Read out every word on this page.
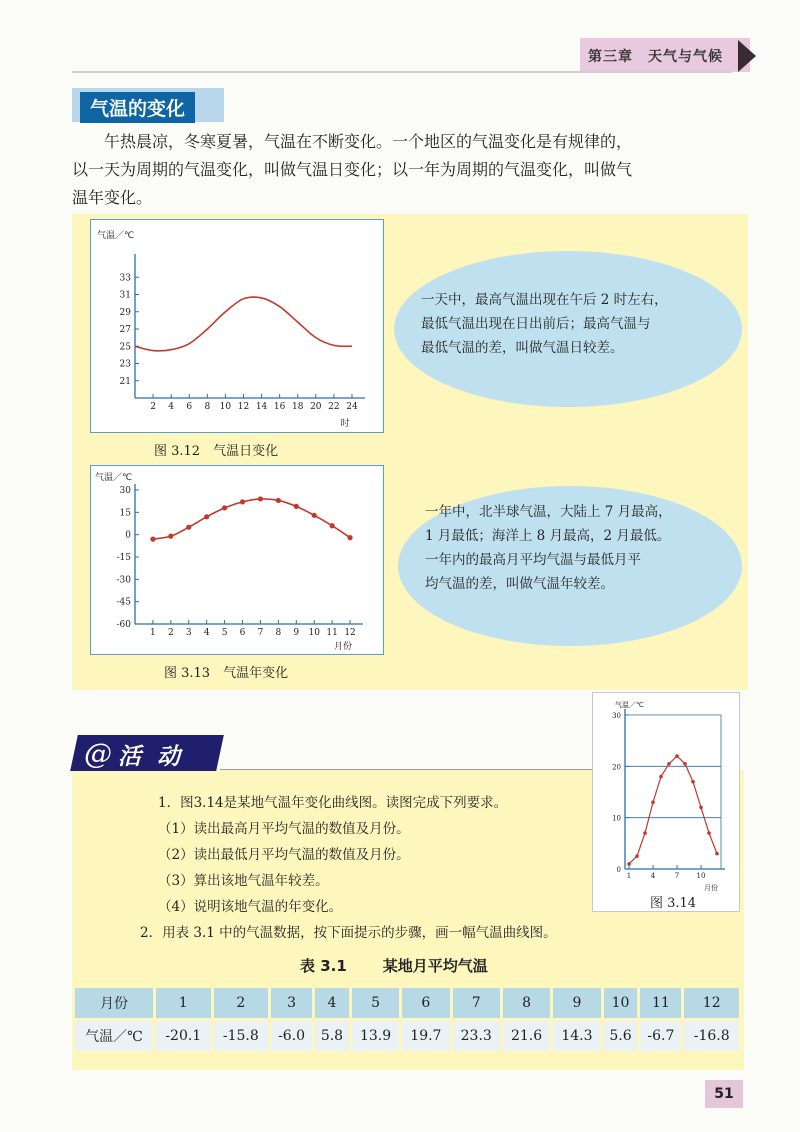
第三章　天气与气候
气温的变化
午热晨凉，冬寒夏暑，气温在不断变化。一个地区的气温变化是有规律的，
以一天为周期的气温变化，叫做气温日变化；以一年为周期的气温变化，叫做气
温年变化。
21
23
25
27
29
31
33
2 4 6 8 10 12 14 16 18 20 22 24
气温／℃
时
图 3.12　气温日变化
一天中，最高气温出现在午后 2 时左右，
最低气温出现在日出前后；最高气温与
最低气温的差，叫做气温日较差。
30
15
0
-15
-30
-45
-60
1 2 3 4 5 6 7 8 9 10 11 12
气温／℃
月份
图 3.13　气温年变化
一年中，北半球气温，大陆上 7 月最高，
1 月最低；海洋上 8 月最高，2 月最低。
一年内的最高月平均气温与最低月平
均气温的差，叫做气温年较差。
@ 活 动
0
10
20
30
1	4	7 10
气温／℃
月份
图 3.14
1．图3.14是某地气温年变化曲线图。读图完成下列要求。
（1）读出最高月平均气温的数值及月份。
（2）读出最低月平均气温的数值及月份。
（3）算出该地气温年较差。
（4）说明该地气温的年变化。
2．用表 3.1 中的气温数据，按下面提示的步骤，画一幅气温曲线图。
表 3.1 某地月平均气温
月份	1	2	3	4	5	6	7	8	9	10	11	12
气温／℃	-20.1	-15.8	-6.0	5.8	13.9	19.7	23.3	21.6	14.3	5.6	-6.7	-16.8
51
